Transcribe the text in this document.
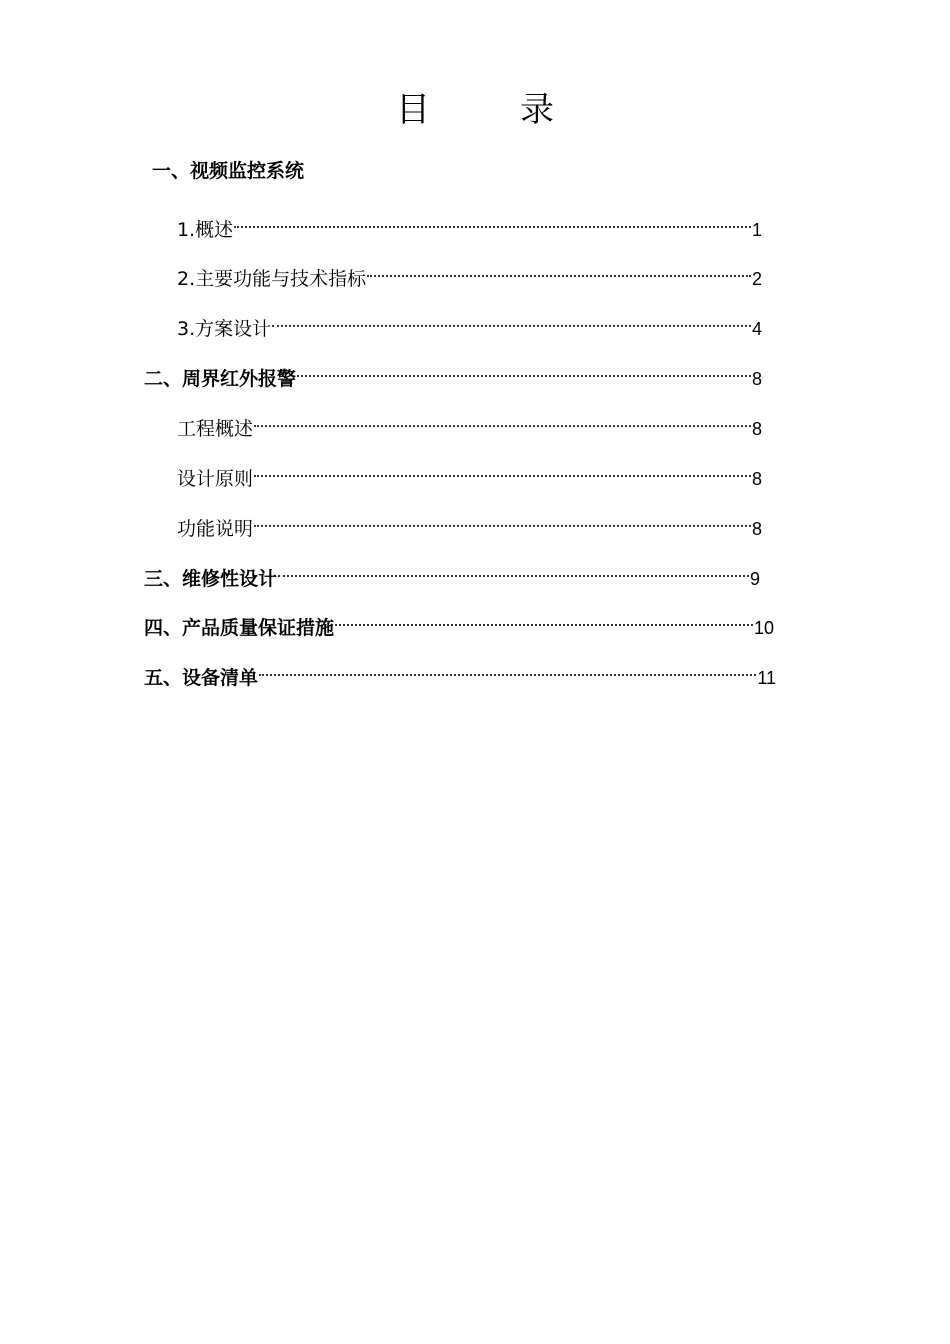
目　录
一、视频监控系统
1.概述	1
2.主要功能与技术指标	2
3.方案设计	4
二、周界红外报警	8
工程概述	8
设计原则	8
功能说明	8
三、维修性设计	9
四、产品质量保证措施	10
五、设备清单	11
